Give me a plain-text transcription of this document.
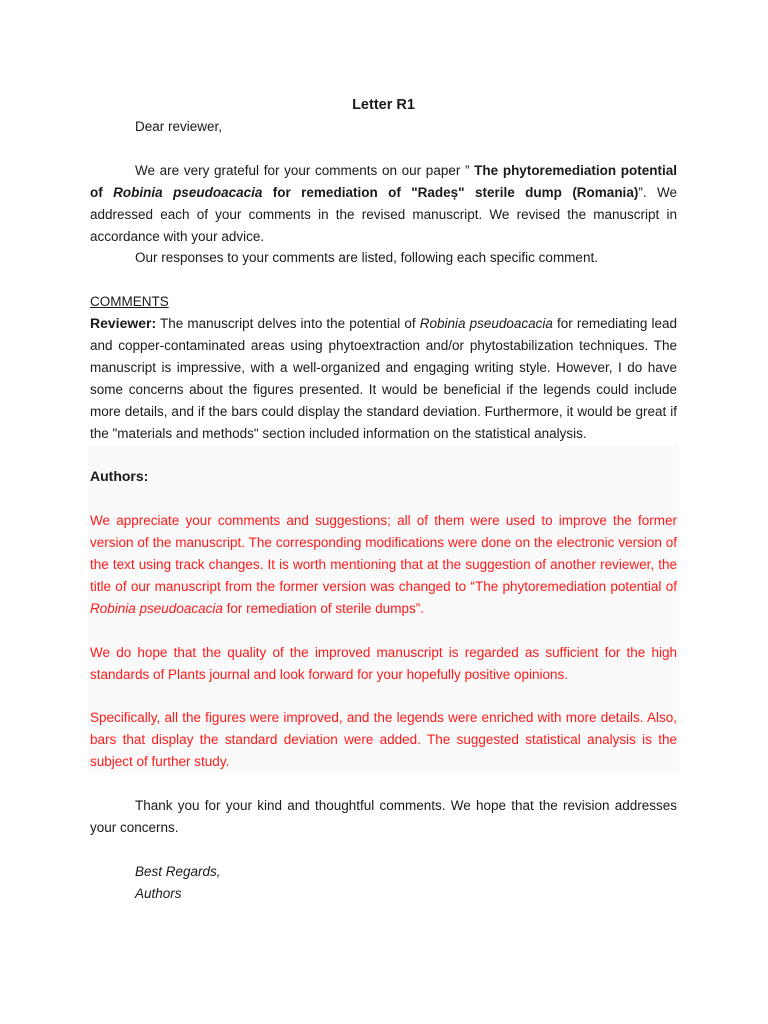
Letter R1

Dear reviewer,

We are very grateful for your comments on our paper ” The phytoremediation potential of Robinia pseudoacacia for remediation of "Radeș" sterile dump (Romania)”. We addressed each of your comments in the revised manuscript. We revised the manuscript in accordance with your advice.

Our responses to your comments are listed, following each specific comment.

COMMENTS

Reviewer: The manuscript delves into the potential of Robinia pseudoacacia for remediating lead and copper-contaminated areas using phytoextraction and/or phytostabilization techniques. The manuscript is impressive, with a well-organized and engaging writing style. However, I do have some concerns about the figures presented. It would be beneficial if the legends could include more details, and if the bars could display the standard deviation. Furthermore, it would be great if the "materials and methods" section included information on the statistical analysis.

Authors:

We appreciate your comments and suggestions; all of them were used to improve the former version of the manuscript. The corresponding modifications were done on the electronic version of the text using track changes. It is worth mentioning that at the suggestion of another reviewer, the title of our manuscript from the former version was changed to “The phytoremediation potential of Robinia pseudoacacia for remediation of sterile dumps”.

We do hope that the quality of the improved manuscript is regarded as sufficient for the high standards of Plants journal and look forward for your hopefully positive opinions.

Specifically, all the figures were improved, and the legends were enriched with more details. Also, bars that display the standard deviation were added. The suggested statistical analysis is the subject of further study.

Thank you for your kind and thoughtful comments. We hope that the revision addresses your concerns.

Best Regards,

Authors
